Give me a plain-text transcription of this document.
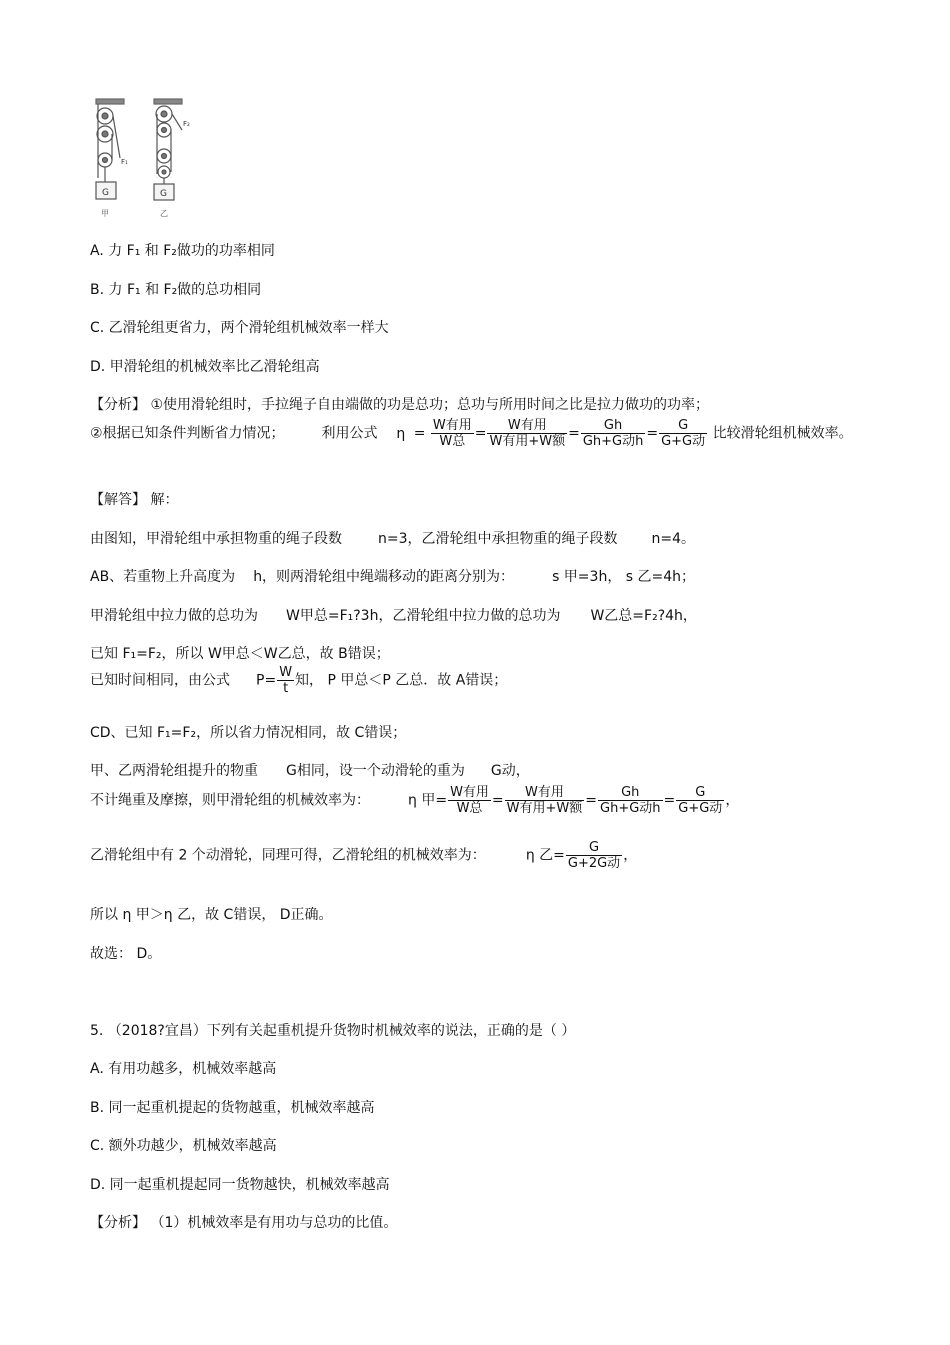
F₁
F₂
G	G
甲	乙
A. 力 F₁ 和 F₂做功的功率相同
B. 力 F₁ 和 F₂做的总功相同
C. 乙滑轮组更省力，两个滑轮组机械效率一样大
D. 甲滑轮组的机械效率比乙滑轮组高
【分析】 ①使用滑轮组时，手拉绳子自由端做的功是总功；总功与所用时间之比是拉力做功的功率；
②根据已知条件判断省力情况；	利用公式 $\eta = \frac{\text{W有用}}{\text{W总}} = \frac{\text{W有用}}{\text{W有用+W额}} = \frac{Gh}{\text{Gh+G动h}} = \frac{G}{\text{G+G动}}$ 比较滑轮组机械效率。
【解答】 解：
由图知，甲滑轮组中承担物重的绳子段数	n=3，乙滑轮组中承担物重的绳子段数 n=4。
AB、若重物上升高度为 h，则两滑轮组中绳端移动的距离分别为：	s 甲=3h， s 乙=4h；
甲滑轮组中拉力做的总功为 W甲总=F₁?3h，乙滑轮组中拉力做的总功为 W乙总=F₂?4h，
已知 F₁=F₂，所以 W甲总＜W乙总，故 B错误；
已知时间相同，由公式 $P= \frac{W}{t}$ 知， P 甲总＜P 乙总．故 A错误；
CD、已知 F₁=F₂，所以省力情况相同，故 C错误；
甲、乙两滑轮组提升的物重 G相同，设一个动滑轮的重为 G动，
不计绳重及摩擦，则甲滑轮组的机械效率为：	η 甲= $\frac{\text{W有用}}{\text{W总}} = \frac{\text{W有用}}{\text{W有用+W额}} = \frac{Gh}{\text{Gh+G动h}} = \frac{G}{\text{G+G动}}$ ，
乙滑轮组中有 2 个动滑轮，同理可得，乙滑轮组的机械效率为：	η 乙= $\frac{G}{\text{G+2G动}}$ ，
所以 η 甲＞η 乙，故 C错误， D正确。
故选： D。
5. （2018?宜昌）下列有关起重机提升货物时机械效率的说法，正确的是（ ）
A. 有用功越多，机械效率越高
B. 同一起重机提起的货物越重，机械效率越高
C. 额外功越少，机械效率越高
D. 同一起重机提起同一货物越快，机械效率越高
【分析】 （1）机械效率是有用功与总功的比值。
